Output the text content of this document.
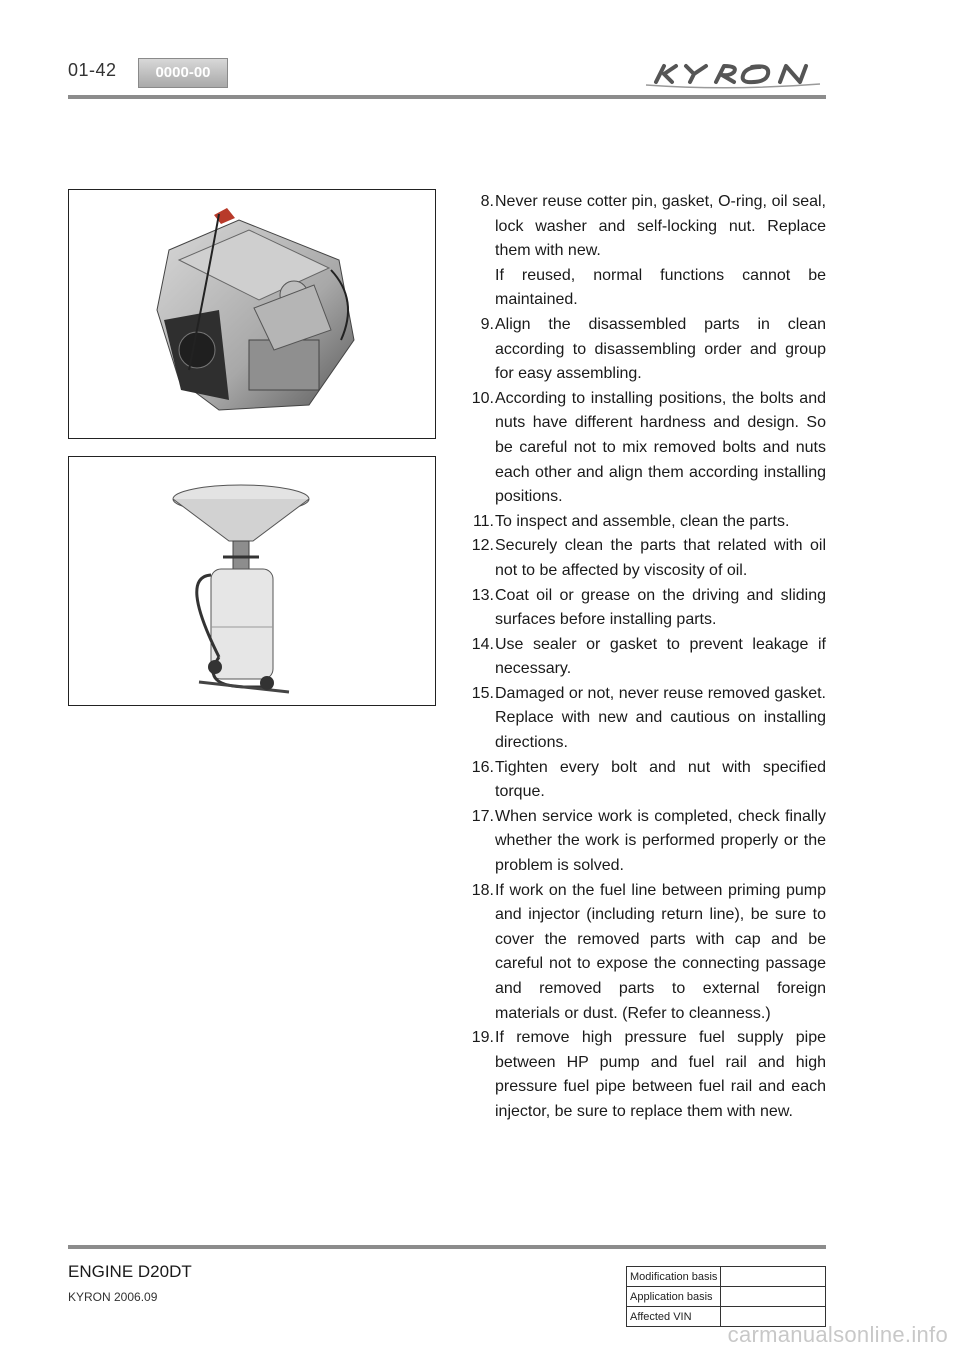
01-42	0000-00
8. Never reuse cotter pin, gasket, O-ring, oil seal, lock washer and self-locking nut. Replace them with new.
If reused, normal functions cannot be maintained.
9. Align the disassembled parts in clean according to disassembling order and group for easy assembling.
10. According to installing positions, the bolts and nuts have different hardness and design. So be careful not to mix removed bolts and nuts each other and align them according installing positions.
11. To inspect and assemble, clean the parts.
12. Securely clean the parts that related with oil not to be affected by viscosity of oil.
13. Coat oil or grease on the driving and sliding surfaces before installing parts.
14. Use sealer or gasket to prevent leakage if necessary.
15. Damaged or not, never reuse removed gasket. Replace with new and cautious on installing directions.
16. Tighten every bolt and nut with specified torque.
17. When service work is completed, check finally whether the work is performed properly or the problem is solved.
18. If work on the fuel line between priming pump and injector (including return line), be sure to cover the removed parts with cap and be careful not to expose the connecting passage and removed parts to external foreign materials or dust. (Refer to cleanness.)
19. If remove high pressure fuel supply pipe between HP pump and fuel rail and high pressure fuel pipe between fuel rail and each injector, be sure to replace them with new.
ENGINE D20DT
KYRON 2006.09
Modification basis	
Application basis	
Affected VIN	
carmanualsonline.info
